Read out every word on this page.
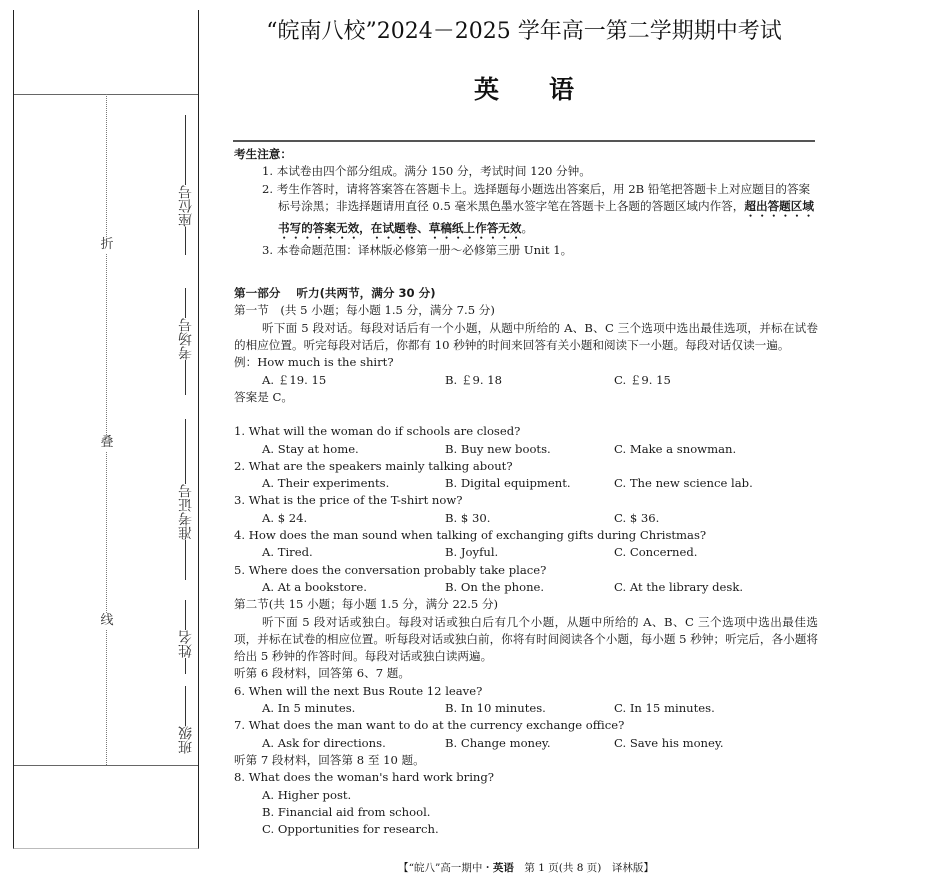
折
叠
线
座位号
考场号
准考证号
姓名
班级
“皖南八校”2024－2025 学年高一第二学期期中考试
英 语
考生注意：
1. 本试卷由四个部分组成。满分 150 分，考试时间 120 分钟。
2. 考生作答时，请将答案答在答题卡上。选择题每小题选出答案后，用 2B 铅笔把答题卡上对应题目的答案标号涂黑；非选择题请用直径 0.5 毫米黑色墨水签字笔在答题卡上各题的答题区域内作答，超出答题区域书写的答案无效，在试题卷、草稿纸上作答无效。
3. 本卷命题范围：译林版必修第一册～必修第三册 Unit 1。
第一部分 听力(共两节，满分 30 分)
第一节　(共 5 小题；每小题 1.5 分，满分 7.5 分)
听下面 5 段对话。每段对话后有一个小题，从题中所给的 A、B、C 三个选项中选出最佳选项，并标在试卷的相应位置。听完每段对话后，你都有 10 秒钟的时间来回答有关小题和阅读下一小题。每段对话仅读一遍。
例：How much is the shirt?
A. ￡19. 15	B. ￡9. 18	C. ￡9. 15
答案是 C。
1. What will the woman do if schools are closed?
A. Stay at home.	B. Buy new boots.	C. Make a snowman.
2. What are the speakers mainly talking about?
A. Their experiments.	B. Digital equipment.	C. The new science lab.
3. What is the price of the T-shirt now?
A. $ 24.	B. $ 30.	C. $ 36.
4. How does the man sound when talking of exchanging gifts during Christmas?
A. Tired.	B. Joyful.	C. Concerned.
5. Where does the conversation probably take place?
A. At a bookstore.	B. On the phone.	C. At the library desk.
第二节(共 15 小题；每小题 1.5 分，满分 22.5 分)
听下面 5 段对话或独白。每段对话或独白后有几个小题，从题中所给的 A、B、C 三个选项中选出最佳选项，并标在试卷的相应位置。听每段对话或独白前，你将有时间阅读各个小题，每小题 5 秒钟；听完后，各小题将给出 5 秒钟的作答时间。每段对话或独白读两遍。
听第 6 段材料，回答第 6、7 题。
6. When will the next Bus Route 12 leave?
A. In 5 minutes.	B. In 10 minutes.	C. In 15 minutes.
7. What does the man want to do at the currency exchange office?
A. Ask for directions.	B. Change money.	C. Save his money.
听第 7 段材料，回答第 8 至 10 题。
8. What does the woman's hard work bring?
A. Higher post.
B. Financial aid from school.
C. Opportunities for research.
【“皖八”高一期中・英语　第 1 页(共 8 页)　译林版】
